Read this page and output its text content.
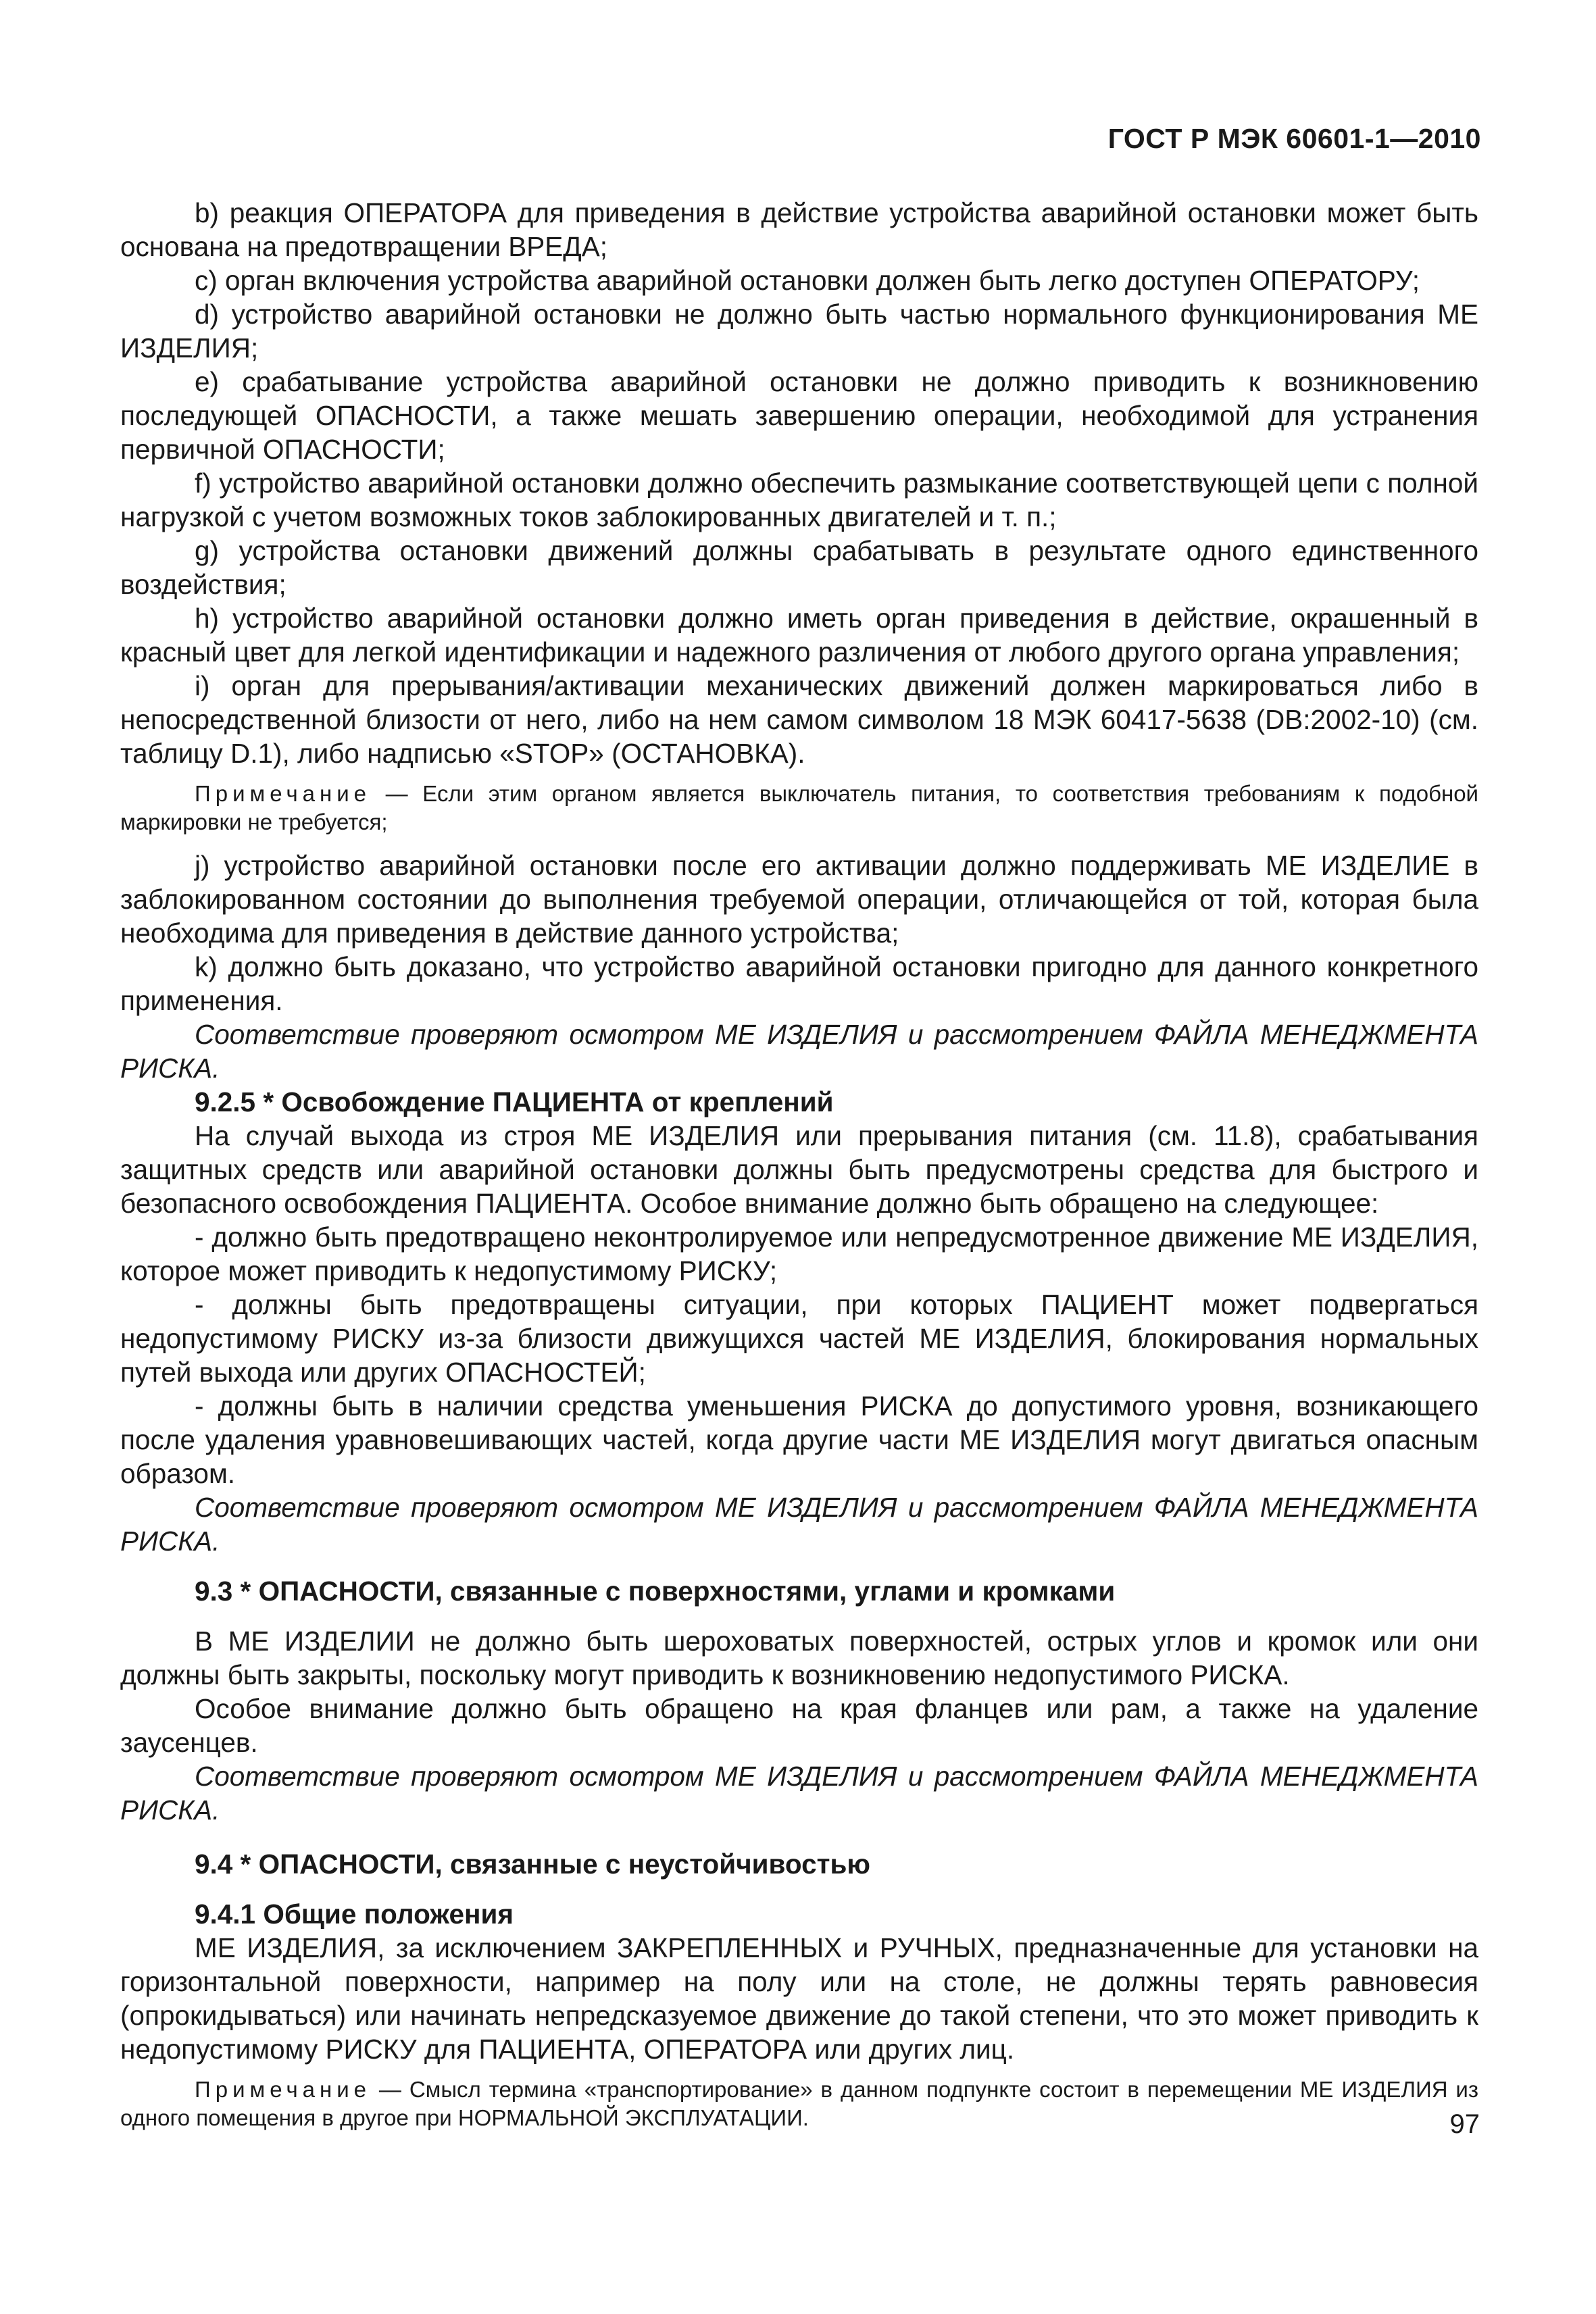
ГОСТ Р МЭК 60601-1—2010

b) реакция ОПЕРАТОРА для приведения в действие устройства аварийной остановки может быть основана на предотвращении ВРЕДА;

c) орган включения устройства аварийной остановки должен быть легко доступен ОПЕРАТОРУ;

d) устройство аварийной остановки не должно быть частью нормального функционирования МЕ ИЗДЕЛИЯ;

e) срабатывание устройства аварийной остановки не должно приводить к возникновению последующей ОПАСНОСТИ, а также мешать завершению операции, необходимой для устранения первичной ОПАСНОСТИ;

f) устройство аварийной остановки должно обеспечить размыкание соответствующей цепи с полной нагрузкой с учетом возможных токов заблокированных двигателей и т. п.;

g) устройства остановки движений должны срабатывать в результате одного единственного воздействия;

h) устройство аварийной остановки должно иметь орган приведения в действие, окрашенный в красный цвет для легкой идентификации и надежного различения от любого другого органа управления;

i) орган для прерывания/активации механических движений должен маркироваться либо в непосредственной близости от него, либо на нем самом символом 18 МЭК 60417-5638 (DB:2002-10) (см. таблицу D.1), либо надписью «STOP» (ОСТАНОВКА).

Примечание — Если этим органом является выключатель питания, то соответствия требованиям к подобной маркировки не требуется;

j) устройство аварийной остановки после его активации должно поддерживать МЕ ИЗДЕЛИЕ в заблокированном состоянии до выполнения требуемой операции, отличающейся от той, которая была необходима для приведения в действие данного устройства;

k) должно быть доказано, что устройство аварийной остановки пригодно для данного конкретного применения.

Соответствие проверяют осмотром МЕ ИЗДЕЛИЯ и рассмотрением ФАЙЛА МЕНЕДЖМЕНТА РИСКА.

9.2.5 * Освобождение ПАЦИЕНТА от креплений

На случай выхода из строя МЕ ИЗДЕЛИЯ или прерывания питания (см. 11.8), срабатывания защитных средств или аварийной остановки должны быть предусмотрены средства для быстрого и безопасного освобождения ПАЦИЕНТА. Особое внимание должно быть обращено на следующее:

- должно быть предотвращено неконтролируемое или непредусмотренное движение МЕ ИЗДЕЛИЯ, которое может приводить к недопустимому РИСКУ;

- должны быть предотвращены ситуации, при которых ПАЦИЕНТ может подвергаться недопустимому РИСКУ из-за близости движущихся частей МЕ ИЗДЕЛИЯ, блокирования нормальных путей выхода или других ОПАСНОСТЕЙ;

- должны быть в наличии средства уменьшения РИСКА до допустимого уровня, возникающего после удаления уравновешивающих частей, когда другие части МЕ ИЗДЕЛИЯ могут двигаться опасным образом.

Соответствие проверяют осмотром МЕ ИЗДЕЛИЯ и рассмотрением ФАЙЛА МЕНЕДЖМЕНТА РИСКА.

9.3 * ОПАСНОСТИ, связанные с поверхностями, углами и кромками

В МЕ ИЗДЕЛИИ не должно быть шероховатых поверхностей, острых углов и кромок или они должны быть закрыты, поскольку могут приводить к возникновению недопустимого РИСКА.

Особое внимание должно быть обращено на края фланцев или рам, а также на удаление заусенцев.

Соответствие проверяют осмотром МЕ ИЗДЕЛИЯ и рассмотрением ФАЙЛА МЕНЕДЖМЕНТА РИСКА.

9.4 * ОПАСНОСТИ, связанные с неустойчивостью

9.4.1 Общие положения

МЕ ИЗДЕЛИЯ, за исключением ЗАКРЕПЛЕННЫХ и РУЧНЫХ, предназначенные для установки на горизонтальной поверхности, например на полу или на столе, не должны терять равновесия (опрокидываться) или начинать непредсказуемое движение до такой степени, что это может приводить к недопустимому РИСКУ для ПАЦИЕНТА, ОПЕРАТОРА или других лиц.

Примечание — Смысл термина «транспортирование» в данном подпункте состоит в перемещении МЕ ИЗДЕЛИЯ из одного помещения в другое при НОРМАЛЬНОЙ ЭКСПЛУАТАЦИИ.	97
